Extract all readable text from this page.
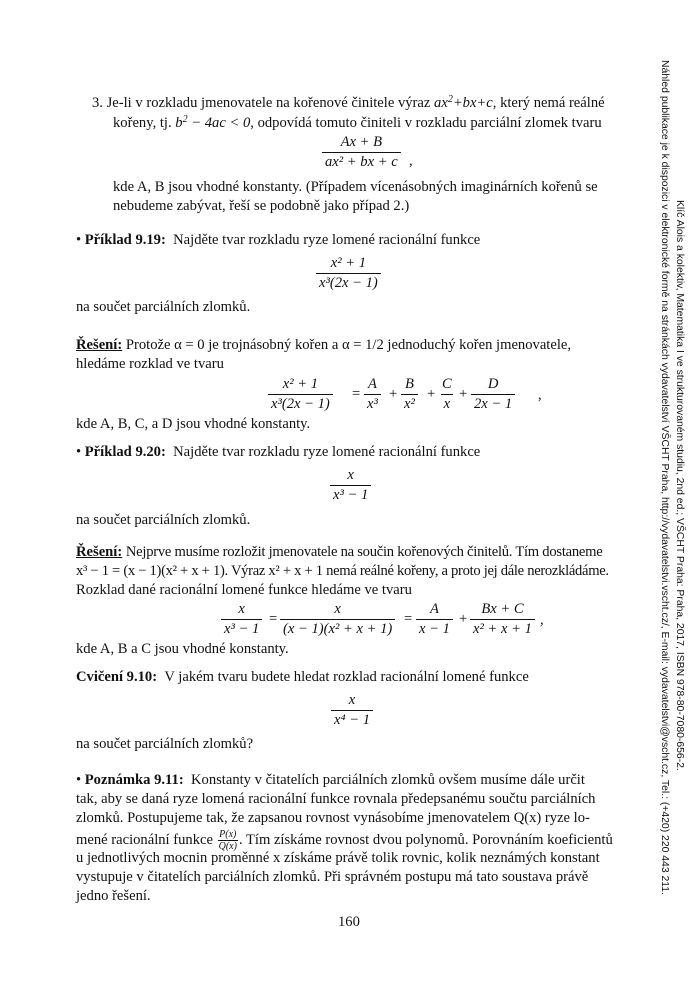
3. Je-li v rozkladu jmenovatele na kořenové činitele výraz $ax^2+bx+c$, který nemá reálné
kořeny, tj. $b^2 - 4ac < 0$, odpovídá tomuto činiteli v rozkladu parciální zlomek tvaru
$\frac{Ax + B}{\text{ax² + bx + c}}$ ,
kde A, B jsou vhodné konstanty. (Případem vícenásobných imaginárních kořenů se
nebudeme zabývat, řeší se podobně jako případ 2.)
• Příklad 9.19: Najděte tvar rozkladu ryze lomené racionální funkce
$\frac{\text{x² + 1}}{\text{x³(2x − 1)}}$
na součet parciálních zlomků.
Řešení: Protože α = 0 je trojnásobný kořen a α = 1/2 jednoduchý kořen jmenovatele,
hledáme rozklad ve tvaru
$\frac{\text{x² + 1}}{\text{x³(2x − 1)}} = \frac{A}{\text{x³}} + \frac{B}{\text{x²}} + \frac{C}{x} + \frac{D}{2x - 1}$ ,
kde A, B, C, a D jsou vhodné konstanty.
• Příklad 9.20: Najděte tvar rozkladu ryze lomené racionální funkce
$\frac{x}{\text{x³ − 1}}$
na součet parciálních zlomků.
Řešení: Nejprve musíme rozložit jmenovatele na součin kořenových činitelů. Tím dostaneme
x³ − 1 = (x − 1)(x² + x + 1). Výraz x² + x + 1 nemá reálné kořeny, a proto jej dále nerozkládáme.
Rozklad dané racionální lomené funkce hledáme ve tvaru
$\frac{x}{\text{x³ − 1}} = \frac{x}{\text{(x − 1)(x² + x + 1)}} = \frac{A}{x - 1} + \frac{Bx + C}{\text{x² + x + 1}}$ ,
kde A, B a C jsou vhodné konstanty.
Cvičení 9.10: V jakém tvaru budete hledat rozklad racionální lomené funkce
$\frac{x}{\text{x⁴ − 1}}$
na součet parciálních zlomků?
• Poznámka 9.11: Konstanty v čitatelích parciálních zlomků ovšem musíme dále určit
tak, aby se daná ryze lomená racionální funkce rovnala předepsanému součtu parciálních
zlomků. Postupujeme tak, že zapsanou rovnost vynásobíme jmenovatelem Q(x) ryze lo-
mené racionální funkce $\frac{P(x)}{Q(x)}$ . Tím získáme rovnost dvou polynomů. Porovnáním koeficientů
u jednotlivých mocnin proměnné x získáme právě tolik rovnic, kolik neznámých konstant
vystupuje v čitatelích parciálních zlomků. Při správném postupu má tato soustava právě
jedno řešení.
160
Náhled publikace je k dispozici v elektronické formě na stránkách vydavatelství VŠCHT Praha, http://vydavatelstvi.vscht.cz/, E-mail: vydavatelstvi@vscht.cz, Tel.: (+420) 220 443 211. Klíč Alois a kolektiv, Matematika I ve strukturovaném studiu, 2nd ed.; VŠCHT Praha: Praha, 2017, ISBN 978-80-7080-656-2.
